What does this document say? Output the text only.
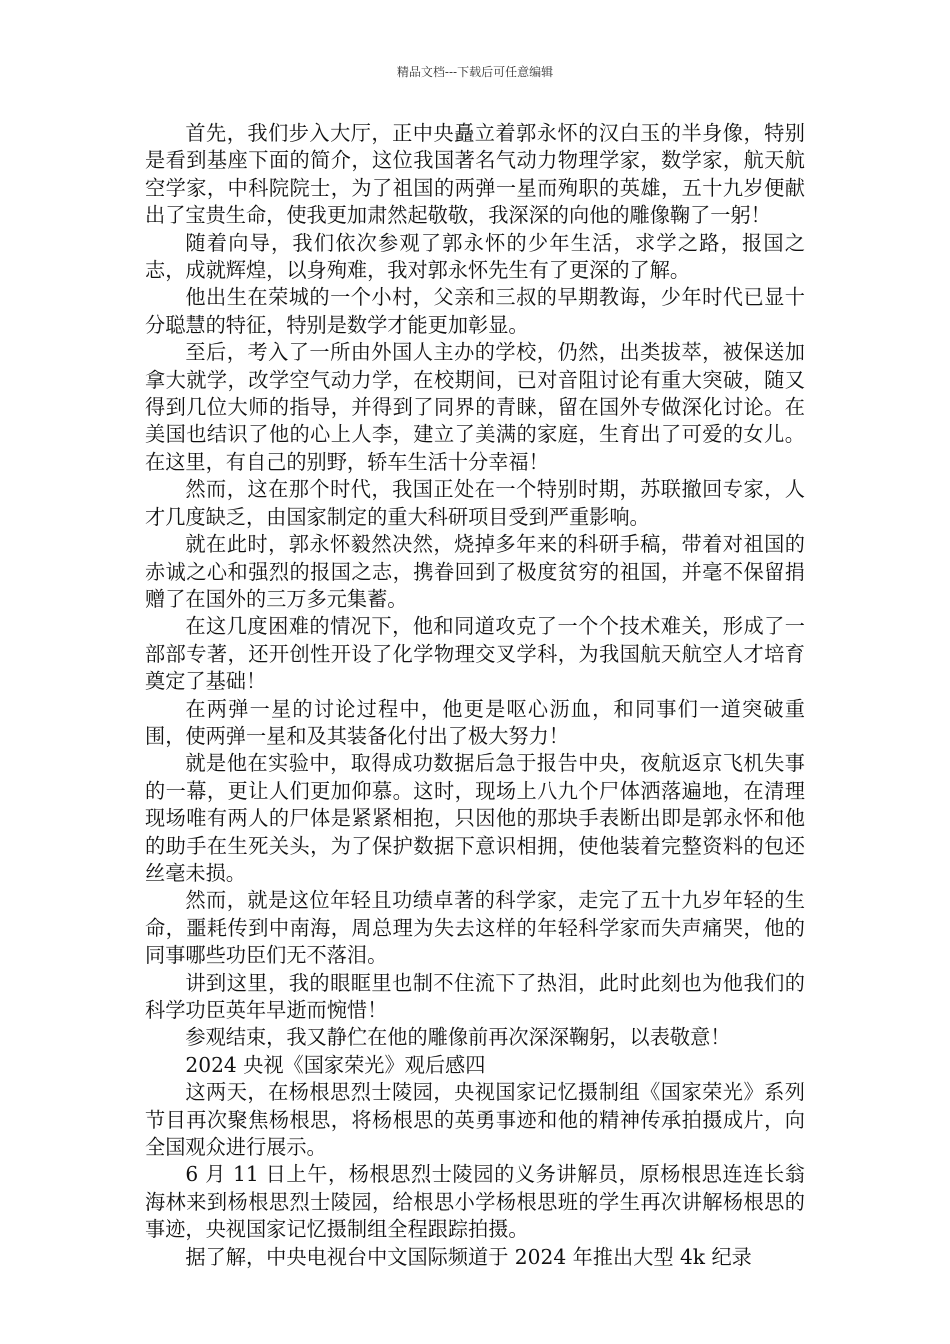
精品文档---下载后可任意编辑

首先，我们步入大厅，正中央矗立着郭永怀的汉白玉的半身像，特别是看到基座下面的简介，这位我国著名气动力物理学家，数学家，航天航空学家，中科院院士，为了祖国的两弹一星而殉职的英雄，五十九岁便献出了宝贵生命，使我更加肃然起敬敬，我深深的向他的雕像鞠了一躬！

随着向导，我们依次参观了郭永怀的少年生活，求学之路，报国之志，成就辉煌，以身殉难，我对郭永怀先生有了更深的了解。

他出生在荣城的一个小村，父亲和三叔的早期教诲，少年时代已显十分聪慧的特征，特别是数学才能更加彰显。

至后，考入了一所由外国人主办的学校，仍然，出类拔萃，被保送加拿大就学，改学空气动力学，在校期间，已对音阻讨论有重大突破，随又得到几位大师的指导，并得到了同界的青睐，留在国外专做深化讨论。在美国也结识了他的心上人李，建立了美满的家庭，生育出了可爱的女儿。在这里，有自己的别野，轿车生活十分幸福！

然而，这在那个时代，我国正处在一个特别时期，苏联撤回专家，人才几度缺乏，由国家制定的重大科研项目受到严重影响。

就在此时，郭永怀毅然决然，烧掉多年来的科研手稿，带着对祖国的赤诚之心和强烈的报国之志，携眷回到了极度贫穷的祖国，并毫不保留捐赠了在国外的三万多元集蓄。

在这几度困难的情况下，他和同道攻克了一个个技术难关，形成了一部部专著，还开创性开设了化学物理交叉学科，为我国航天航空人才培育奠定了基础！

在两弹一星的讨论过程中，他更是呕心沥血，和同事们一道突破重围，使两弹一星和及其装备化付出了极大努力！

就是他在实验中，取得成功数据后急于报告中央，夜航返京飞机失事的一幕，更让人们更加仰慕。这时，现场上八九个尸体洒落遍地，在清理现场唯有两人的尸体是紧紧相抱，只因他的那块手表断出即是郭永怀和他的助手在生死关头，为了保护数据下意识相拥，使他装着完整资料的包还丝毫未损。

然而，就是这位年轻且功绩卓著的科学家，走完了五十九岁年轻的生命，噩耗传到中南海，周总理为失去这样的年轻科学家而失声痛哭，他的同事哪些功臣们无不落泪。

讲到这里，我的眼眶里也制不住流下了热泪，此时此刻也为他我们的科学功臣英年早逝而惋惜！

参观结束，我又静伫在他的雕像前再次深深鞠躬，以表敬意！

2024 央视《国家荣光》观后感四

这两天，在杨根思烈士陵园，央视国家记忆摄制组《国家荣光》系列节目再次聚焦杨根思，将杨根思的英勇事迹和他的精神传承拍摄成片，向全国观众进行展示。

6 月 11 日上午，杨根思烈士陵园的义务讲解员，原杨根思连连长翁海林来到杨根思烈士陵园，给根思小学杨根思班的学生再次讲解杨根思的事迹，央视国家记忆摄制组全程跟踪拍摄。

据了解，中央电视台中文国际频道于 2024 年推出大型 4k 纪录
